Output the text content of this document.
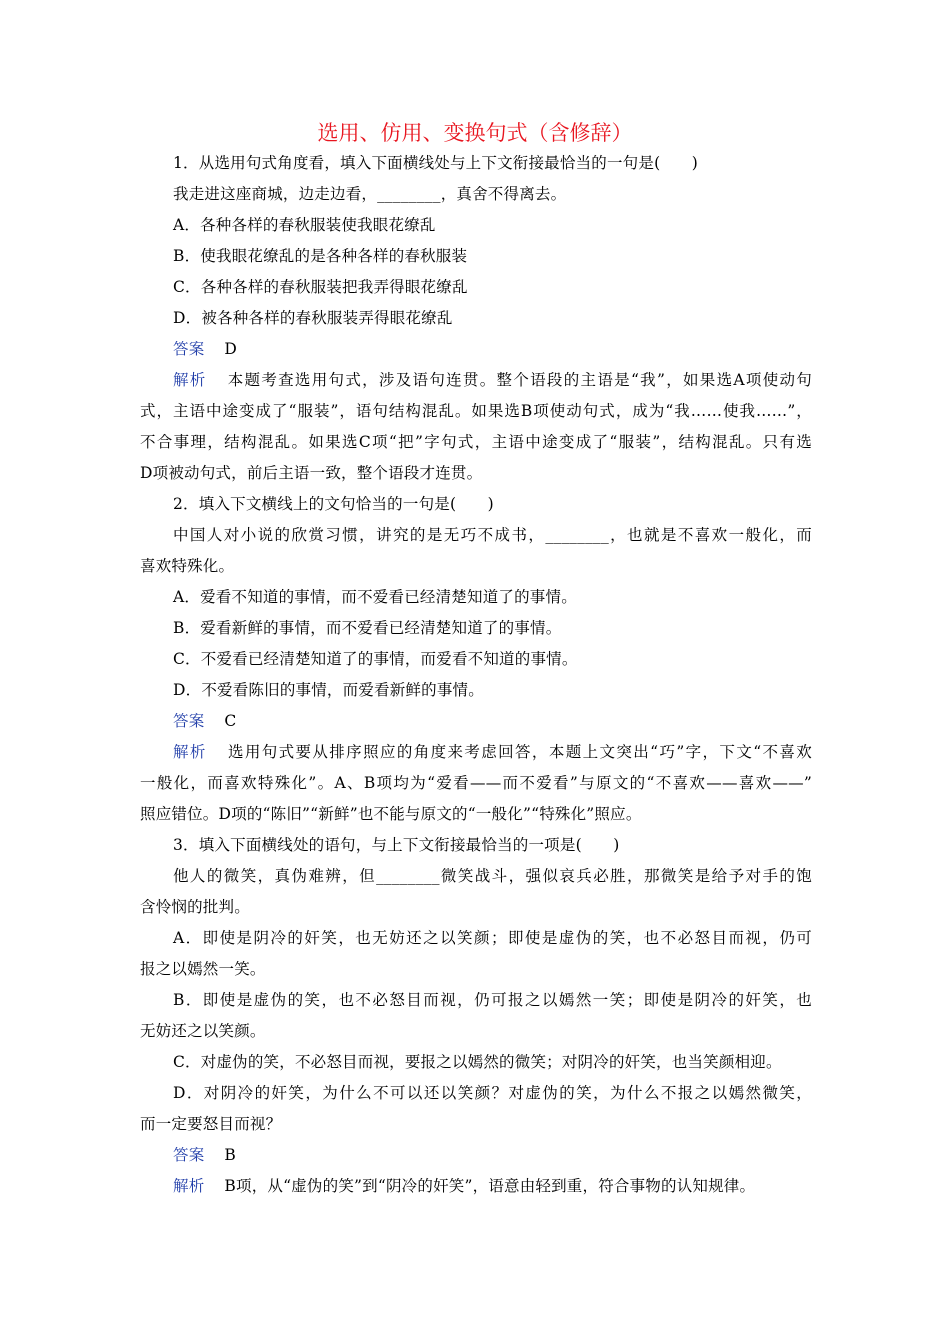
选用、仿用、变换句式（含修辞）
1．从选用句式角度看，填入下面横线处与上下文衔接最恰当的一句是(　　)
我走进这座商城，边走边看，________，真舍不得离去。
A．各种各样的春秋服装使我眼花缭乱
B．使我眼花缭乱的是各种各样的春秋服装
C．各种各样的春秋服装把我弄得眼花缭乱
D．被各种各样的春秋服装弄得眼花缭乱
答案 D
解析 本题考查选用句式，涉及语句连贯。整个语段的主语是“我”，如果选A项使动句
式，主语中途变成了“服装”，语句结构混乱。如果选B项使动句式，成为“我……使我……”，
不合事理，结构混乱。如果选C项“把”字句式，主语中途变成了“服装”，结构混乱。只有选
D项被动句式，前后主语一致，整个语段才连贯。
2．填入下文横线上的文句恰当的一句是(　　)
中国人对小说的欣赏习惯，讲究的是无巧不成书，________，也就是不喜欢一般化，而
喜欢特殊化。
A．爱看不知道的事情，而不爱看已经清楚知道了的事情。
B．爱看新鲜的事情，而不爱看已经清楚知道了的事情。
C．不爱看已经清楚知道了的事情，而爱看不知道的事情。
D．不爱看陈旧的事情，而爱看新鲜的事情。
答案 C
解析 选用句式要从排序照应的角度来考虑回答，本题上文突出“巧”字，下文“不喜欢
一般化，而喜欢特殊化”。A、B项均为“爱看——而不爱看”与原文的“不喜欢——喜欢——”
照应错位。D项的“陈旧”“新鲜”也不能与原文的“一般化”“特殊化”照应。
3．填入下面横线处的语句，与上下文衔接最恰当的一项是(　　)
他人的微笑，真伪难辨，但________微笑战斗，强似哀兵必胜，那微笑是给予对手的饱
含怜悯的批判。
A．即使是阴冷的奸笑，也无妨还之以笑颜；即使是虚伪的笑，也不必怒目而视，仍可
报之以嫣然一笑。
B．即使是虚伪的笑，也不必怒目而视，仍可报之以嫣然一笑；即使是阴冷的奸笑，也
无妨还之以笑颜。
C．对虚伪的笑，不必怒目而视，要报之以嫣然的微笑；对阴冷的奸笑，也当笑颜相迎。
D．对阴冷的奸笑，为什么不可以还以笑颜？对虚伪的笑，为什么不报之以嫣然微笑，
而一定要怒目而视？
答案 B
解析 B项，从“虚伪的笑”到“阴冷的奸笑”，语意由轻到重，符合事物的认知规律。
